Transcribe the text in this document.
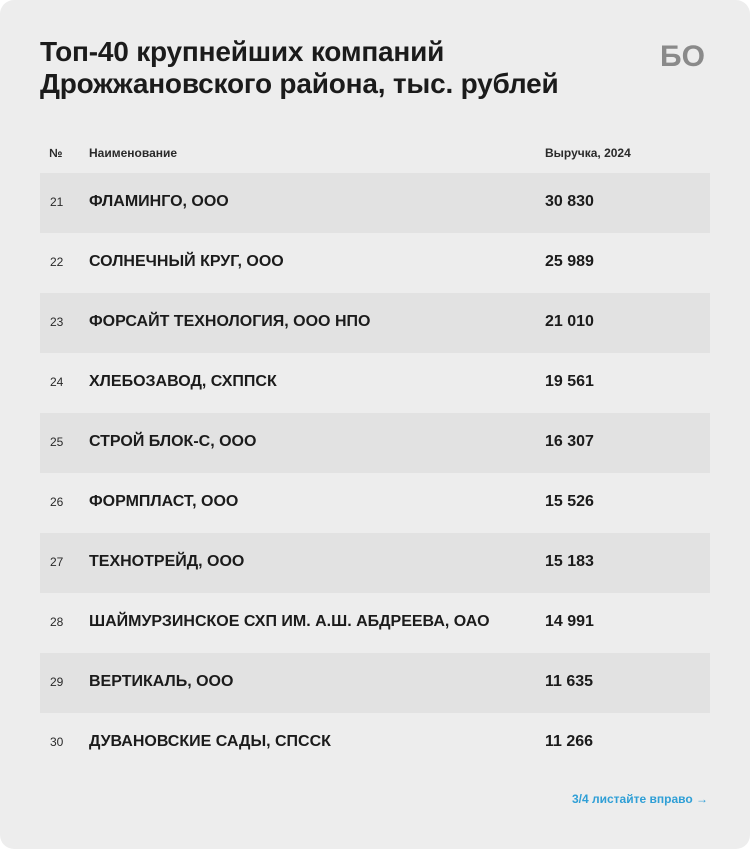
Топ-40 крупнейших компаний
Дрожжановского района, тыс. рублей
БО
№ Наименование	Выручка, 2024
21 ФЛАМИНГО, ООО	30 830
22 СОЛНЕЧНЫЙ КРУГ, ООО	25 989
23 ФОРСАЙТ ТЕХНОЛОГИЯ, ООО НПО	21 010
24 ХЛЕБОЗАВОД, СХППСК	19 561
25 СТРОЙ БЛОК-С, ООО	16 307
26 ФОРМПЛАСТ, ООО	15 526
27 ТЕХНОТРЕЙД, ООО	15 183
28 ШАЙМУРЗИНСКОЕ СХП ИМ. А.Ш. АБДРЕЕВА, ОАО	14 991
29 ВЕРТИКАЛЬ, ООО	11 635
30 ДУВАНОВСКИЕ САДЫ, СПССК	11 266
3/4 листайте вправо →
